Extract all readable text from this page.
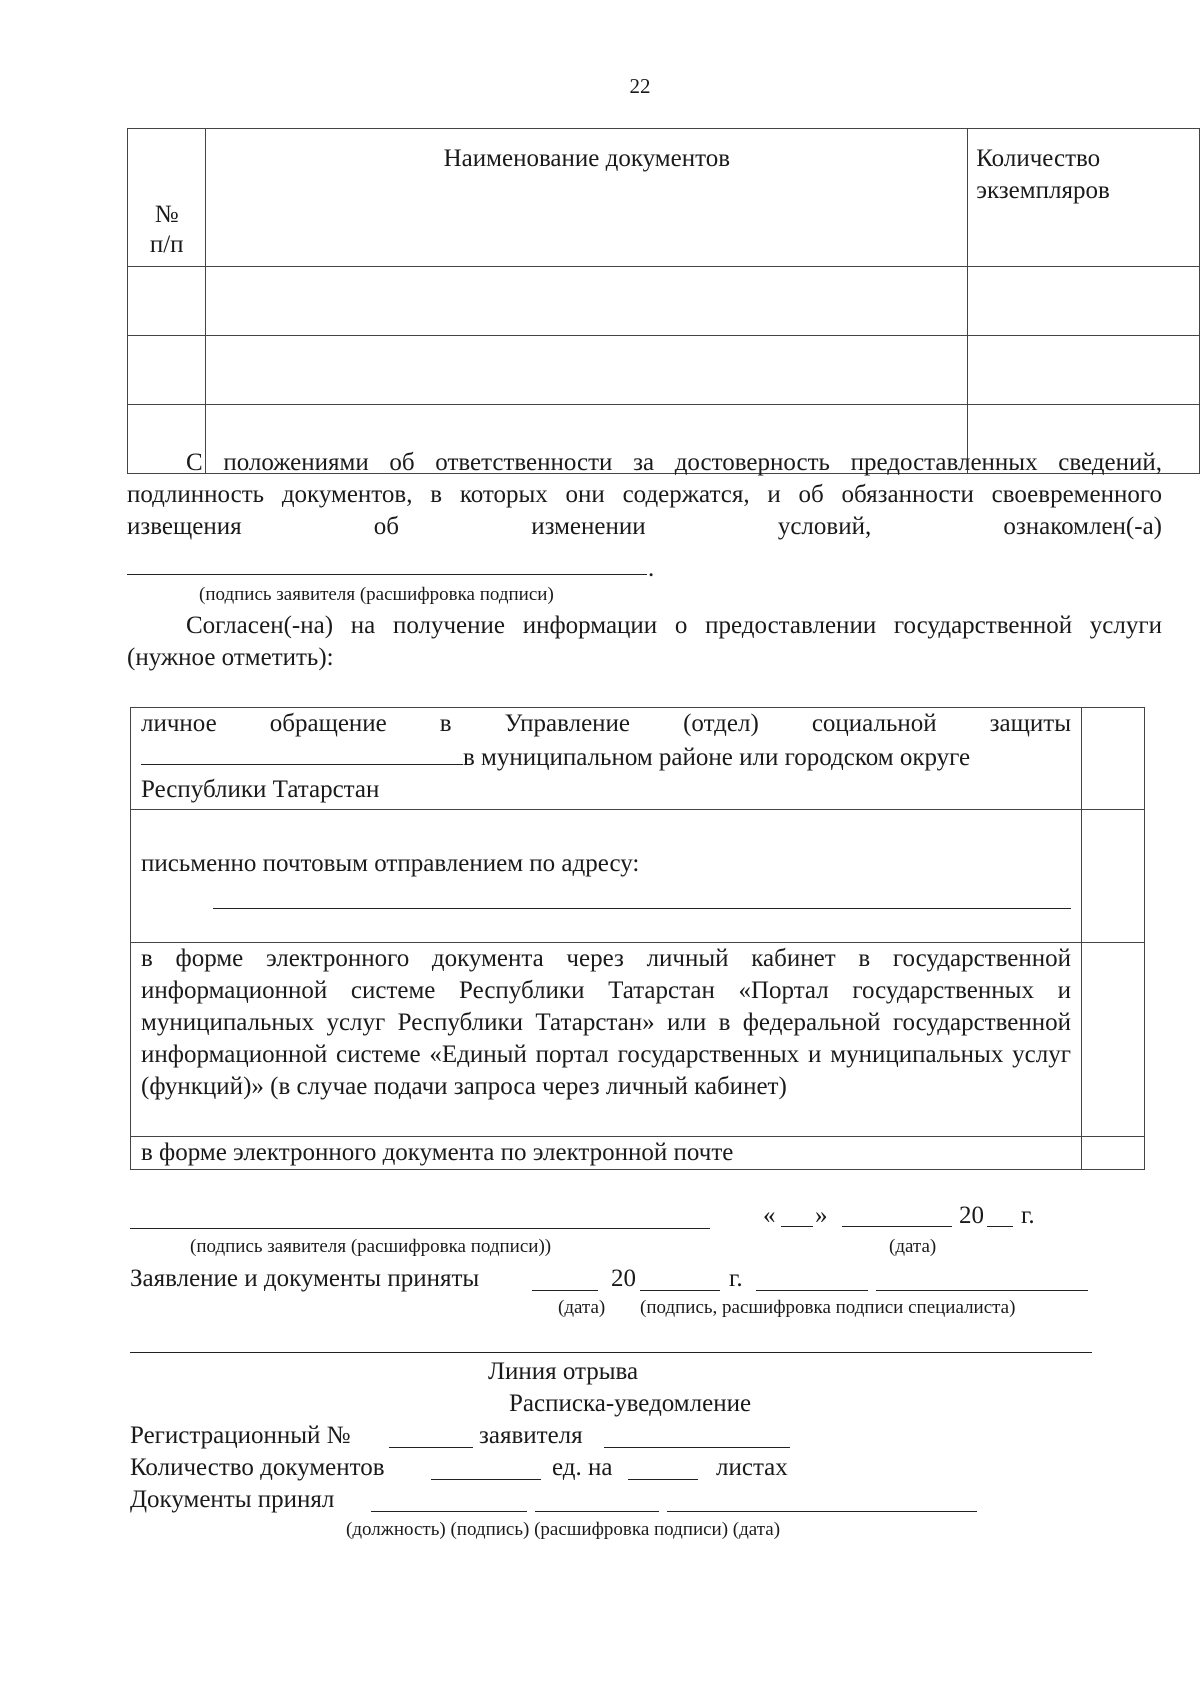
22
№
п/п	Наименование документов	Количество экземпляров

С положениями об ответственности за достоверность предоставленных сведений, подлинность документов, в которых они содержатся, и об обязанности своевременного извещения об изменении условий, ознакомлен(-а)
.
(подпись заявителя (расшифровка подписи)
Согласен(-на) на получение информации о предоставлении государственной услуги (нужное отметить):
личное обращение в Управление (отдел) социальной защиты
в муниципальном районе или городском округе
Республики Татарстан	

письменно почтовым отправлением по адресу:	

в форме электронного документа через личный кабинет в государственной информационной системе Республики Татарстан «Портал государственных и муниципальных услуг Республики Татарстан» или в федеральной государственной информационной системе «Единый портал государственных и муниципальных услуг (функций)» (в случае подачи запроса через личный кабинет)	
в форме электронного документа по электронной почте	
« »	20 г.
(подпись заявителя (расшифровка подписи))	(дата)
Заявление и документы приняты	20	г.
(дата) (подпись, расшифровка подписи специалиста)
Линия отрыва
Расписка-уведомление
Регистрационный №	заявителя
Количество документов	ед. на	листах
Документы принял
(должность) (подпись) (расшифровка подписи) (дата)
